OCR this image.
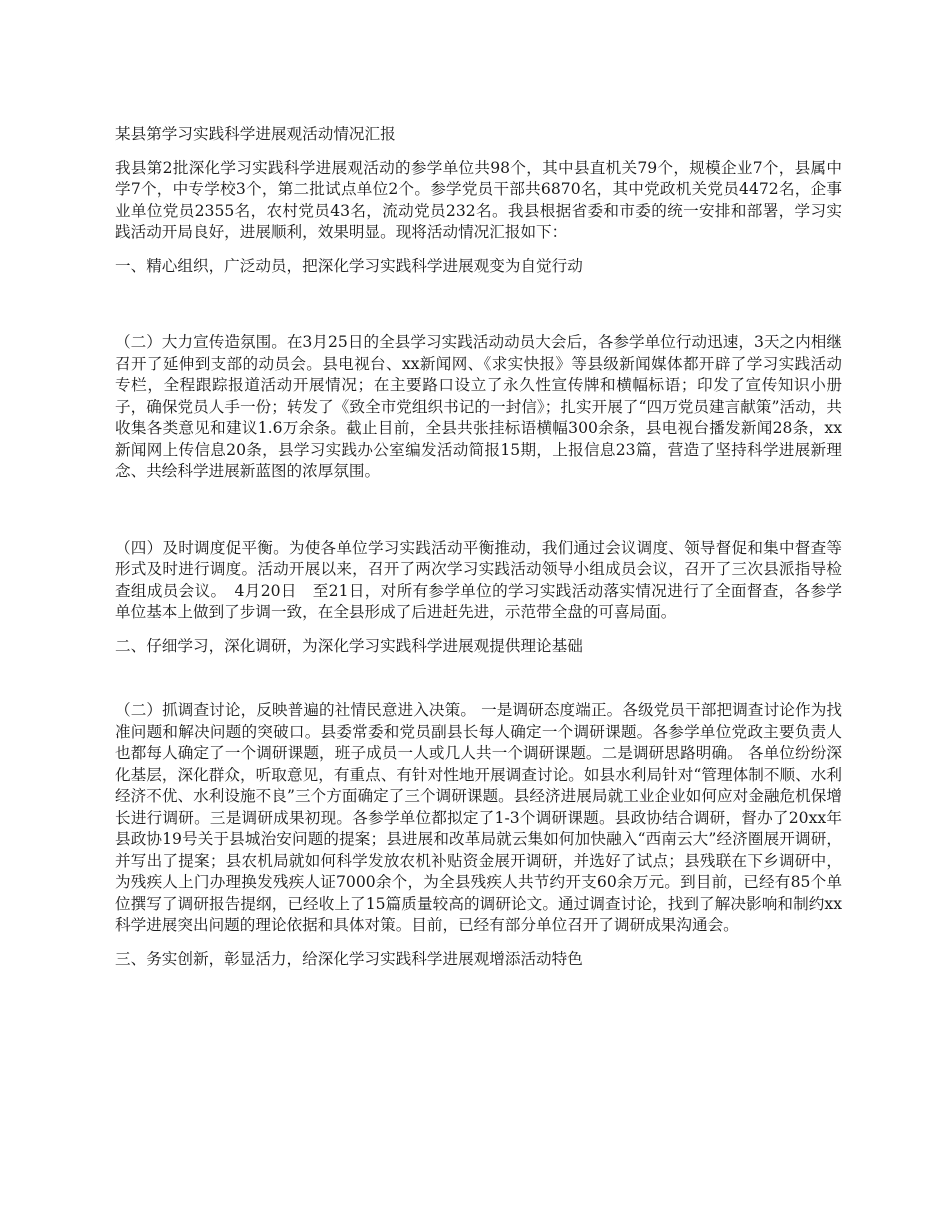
某县第学习实践科学进展观活动情况汇报

我县第2批深化学习实践科学进展观活动的参学单位共98个，其中县直机关79个，规模企业7个，县属中学7个，中专学校3个，第二批试点单位2个。参学党员干部共6870名，其中党政机关党员4472名，企事业单位党员2355名，农村党员43名，流动党员232名。我县根据省委和市委的统一安排和部署，学习实践活动开局良好，进展顺利，效果明显。现将活动情况汇报如下：

一、精心组织，广泛动员，把深化学习实践科学进展观变为自觉行动

（二）大力宣传造氛围。在3月25日的全县学习实践活动动员大会后，各参学单位行动迅速，3天之内相继召开了延伸到支部的动员会。县电视台、xx新闻网、《求实快报》等县级新闻媒体都开辟了学习实践活动专栏，全程跟踪报道活动开展情况；在主要路口设立了永久性宣传牌和横幅标语；印发了宣传知识小册子，确保党员人手一份；转发了《致全市党组织书记的一封信》；扎实开展了“四万党员建言献策”活动，共收集各类意见和建议1.6万余条。截止目前，全县共张挂标语横幅300余条，县电视台播发新闻28条，xx新闻网上传信息20条，县学习实践办公室编发活动简报15期，上报信息23篇，营造了坚持科学进展新理念、共绘科学进展新蓝图的浓厚氛围。

（四）及时调度促平衡。为使各单位学习实践活动平衡推动，我们通过会议调度、领导督促和集中督查等形式及时进行调度。活动开展以来，召开了两次学习实践活动领导小组成员会议，召开了三次县派指导检查组成员会议。　4月20日　至21日，对所有参学单位的学习实践活动落实情况进行了全面督查，各参学单位基本上做到了步调一致，在全县形成了后进赶先进，示范带全盘的可喜局面。

二、仔细学习，深化调研，为深化学习实践科学进展观提供理论基础

（二）抓调查讨论，反映普遍的社情民意进入决策。 一是调研态度端正。各级党员干部把调查讨论作为找准问题和解决问题的突破口。县委常委和党员副县长每人确定一个调研课题。各参学单位党政主要负责人也都每人确定了一个调研课题，班子成员一人或几人共一个调研课题。二是调研思路明确。 各单位纷纷深化基层，深化群众，听取意见，有重点、有针对性地开展调查讨论。如县水利局针对“管理体制不顺、水利经济不优、水利设施不良”三个方面确定了三个调研课题。县经济进展局就工业企业如何应对金融危机保增长进行调研。三是调研成果初现。各参学单位都拟定了1-3个调研课题。县政协结合调研，督办了20xx年县政协19号关于县城治安问题的提案；县进展和改革局就云集如何加快融入“西南云大”经济圈展开调研，并写出了提案；县农机局就如何科学发放农机补贴资金展开调研，并选好了试点；县残联在下乡调研中，为残疾人上门办理换发残疾人证7000余个，为全县残疾人共节约开支60余万元。到目前，已经有85个单位撰写了调研报告提纲，已经收上了15篇质量较高的调研论文。通过调查讨论，找到了解决影响和制约xx科学进展突出问题的理论依据和具体对策。目前，已经有部分单位召开了调研成果沟通会。

三、务实创新，彰显活力，给深化学习实践科学进展观增添活动特色
